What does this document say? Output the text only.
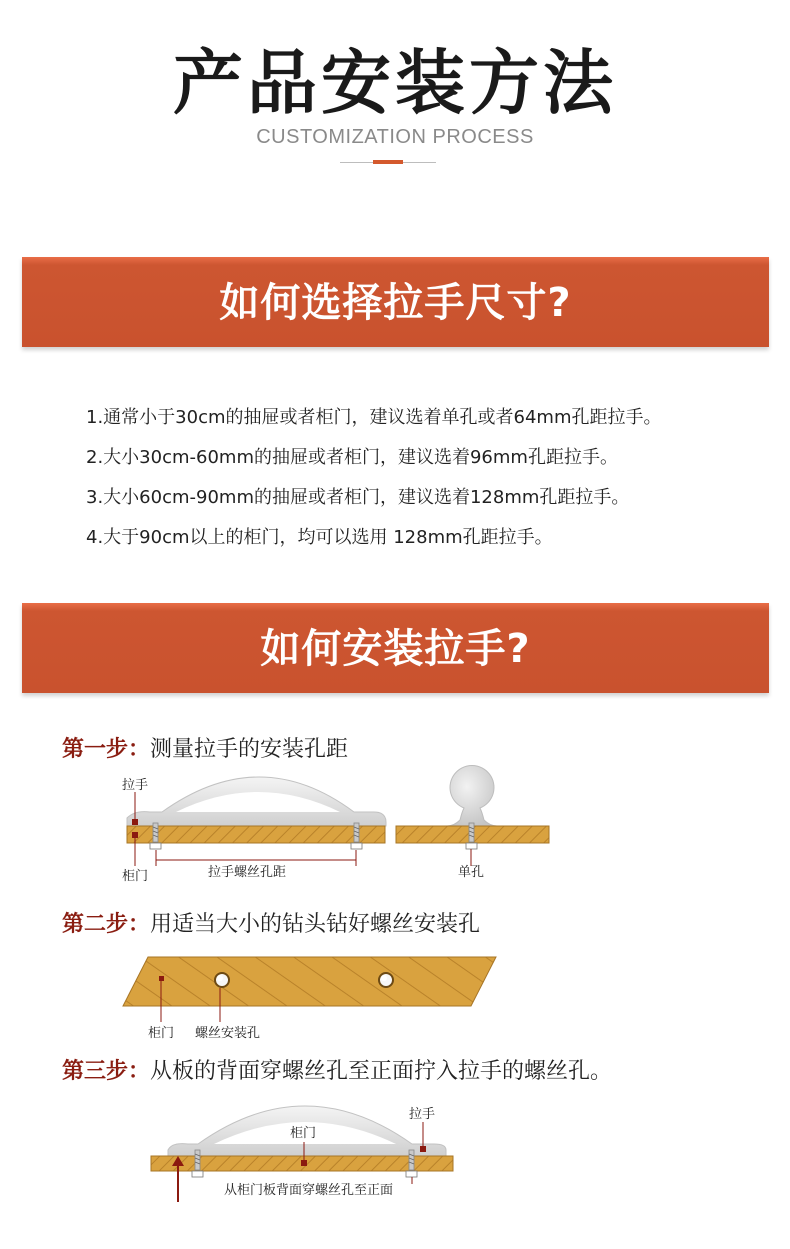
产品安装方法
CUSTOMIZATION PROCESS
如何选择拉手尺寸?
1.通常小于30cm的抽屉或者柜门，建议选着单孔或者64mm孔距拉手。
2.大小30cm-60mm的抽屉或者柜门，建议选着96mm孔距拉手。
3.大小60cm-90mm的抽屉或者柜门，建议选着128mm孔距拉手。
4.大于90cm以上的柜门，均可以选用 128mm孔距拉手。
如何安装拉手?
第一步：测量拉手的安装孔距
第二步：用适当大小的钻头钻好螺丝安装孔
第三步：从板的背面穿螺丝孔至正面拧入拉手的螺丝孔。
拉手
柜门	拉手螺丝孔距	单孔
柜门 螺丝安装孔
拉手
柜门
从柜门板背面穿螺丝孔至正面
